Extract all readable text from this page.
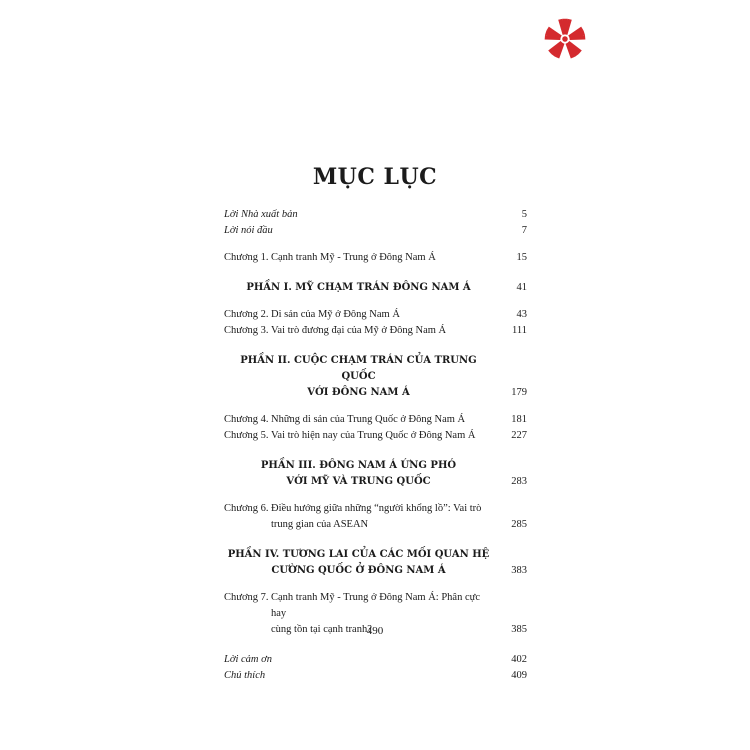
MỤC LỤC
Lời Nhà xuất bản	5
Lời nói đầu	7
Chương 1. Cạnh tranh Mỹ - Trung ở Đông Nam Á	15
PHẦN I. MỸ CHẠM TRÁN ĐÔNG NAM Á	41
Chương 2. Di sản của Mỹ ở Đông Nam Á	43
Chương 3. Vai trò đương đại của Mỹ ở Đông Nam Á	111
PHẦN II. CUỘC CHẠM TRÁN CỦA TRUNG QUỐC
VỚI ĐÔNG NAM Á	179
Chương 4. Những di sản của Trung Quốc ở Đông Nam Á	181
Chương 5. Vai trò hiện nay của Trung Quốc ở Đông Nam Á	227
PHẦN III. ĐÔNG NAM Á ỨNG PHÓ
VỚI MỸ VÀ TRUNG QUỐC	283
Chương 6. Điều hướng giữa những “người khổng lồ”: Vai trò
trung gian của ASEAN	285
PHẦN IV. TƯƠNG LAI CỦA CÁC MỐI QUAN HỆ
CƯỜNG QUỐC Ở ĐÔNG NAM Á	383
Chương 7. Cạnh tranh Mỹ - Trung ở Đông Nam Á: Phân cực hay
cùng tồn tại cạnh tranh?	385
Lời cảm ơn	402
Chú thích	409
490
